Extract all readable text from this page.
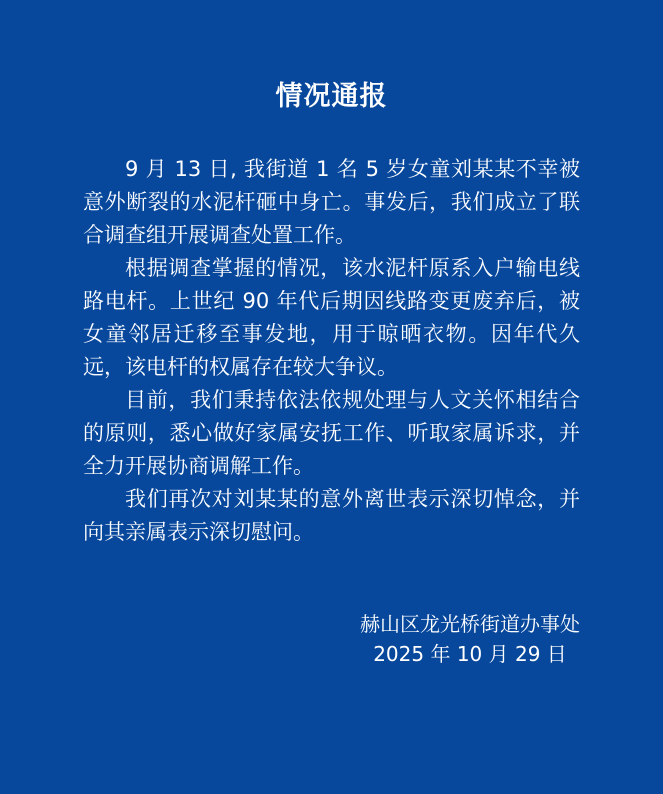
情况通报

9 月 13 日, 我街道 1 名 5 岁女童刘某某不幸被意外断裂的水泥杆砸中身亡。事发后，我们成立了联合调查组开展调查处置工作。

根据调查掌握的情况，该水泥杆原系入户输电线路电杆。上世纪 90 年代后期因线路变更废弃后，被女童邻居迁移至事发地，用于晾晒衣物。因年代久远，该电杆的权属存在较大争议。

目前，我们秉持依法依规处理与人文关怀相结合的原则，悉心做好家属安抚工作、听取家属诉求，并全力开展协商调解工作。

我们再次对刘某某的意外离世表示深切悼念，并向其亲属表示深切慰问。

赫山区龙光桥街道办事处
2025 年 10 月 29 日
